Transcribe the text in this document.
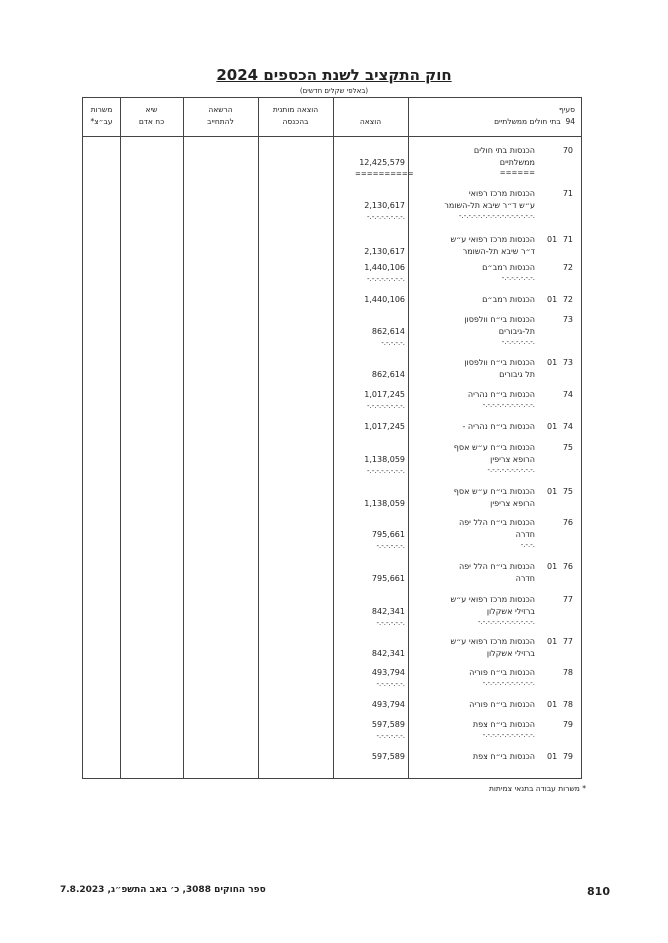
חוק התקציב לשנת הכספים 2024
(באלפי שקלים חדשים)
משרות
עב״צ*
שיא
כח אדם
הרשאה
להתחייב
הוצאה מותנית
בהכנסה
	הוצאה
סעיף
94  בתי חולים ממשלתיים
70
הכנסות בתי חולים
ממשלתיים
======
12,425,579
==========
71
הכנסות מרכז רפואי
ע״ש ד״ר שיבא תל-השומר
-.-.-.-.-.-.-.-.-.-.-.-.-.-.-.-.
2,130,617
-.-.-.-.-.-.-.-.
01 71
הכנסות מרכז רפואי ע״ש
ד״ר שיבא תל-השומר
2,130,617
72
הכנסות רמב״ם
-.-.-.-.-.-.-.
1,440,106
-.-.-.-.-.-.-.-.
01 72
הכנסות רמב״ם
1,440,106
73
הכנסות בי״ח וולפסון
תל-גיבורים
-.-.-.-.-.-.-.
862,614
-.-.-.-.-.
01 73
הכנסות בי״ח וולפסון
תל גיבורים
862,614
74
הכנסות בי״ח נהריה
-.-.-.-.-.-.-.-.-.-.-.
1,017,245
-.-.-.-.-.-.-.-.
01 74
הכנסות בי״ח נהריה -
1,017,245
75
הכנסות בי״ח ע״ש אסף
הרופא צריפין
-.-.-.-.-.-.-.-.-.-.
1,138,059
-.-.-.-.-.-.-.-.
01 75
הכנסות בי״ח ע״ש אסף
הרופא צריפין
1,138,059
76
הכנסות בי״ח הלל יפה
חדרה
-.-.-.
795,661
-.-.-.-.-.-.
01 76
הכנסות בי״ח הלל יפה
חדרה
795,661
77
הכנסות מרכז רפואי ע״ש
ברזילי אשקלון
-.-.-.-.-.-.-.-.-.-.-.-.
842,341
-.-.-.-.-.-.
01 77
הכנסות מרכז רפואי ע״ש
ברזילי אשקלון
842,341
78
הכנסות בי״ח פוריה
-.-.-.-.-.-.-.-.-.-.-.
493,794
-.-.-.-.-.-.
01 78
הכנסות בי״ח פוריה
493,794
79
הכנסות בי״ח צפת
-.-.-.-.-.-.-.-.-.-.-.
597,589
-.-.-.-.-.-.
01 79
הכנסות בי״ח צפת
597,589
* משרות עבודה בתנאי צמיתות
ספר החוקים 3088, כ׳ באב התשפ״ג, 7.8.2023	810
